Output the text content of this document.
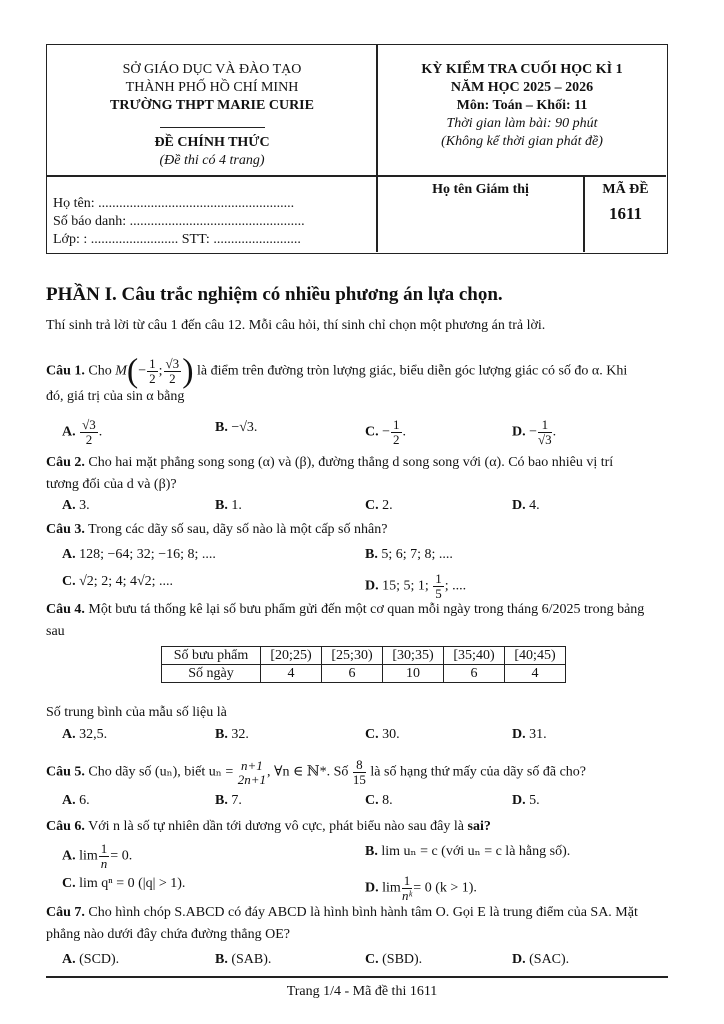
SỞ GIÁO DỤC VÀ ĐÀO TẠO
THÀNH PHỐ HỒ CHÍ MINH
TRƯỜNG THPT MARIE CURIE
ĐỀ CHÍNH THỨC
(Đề thi có 4 trang)
KỲ KIỂM TRA CUỐI HỌC KÌ 1
NĂM HỌC 2025 – 2026
Môn: Toán – Khối: 11
Thời gian làm bài: 90 phút
(Không kể thời gian phát đề)
Họ tên: ........................................................
Số báo danh: ..................................................
Lớp: : ......................... STT: .........................
Họ tên Giám thị	MÃ ĐỀ
1611
PHẦN I. Câu trắc nghiệm có nhiều phương án lựa chọn.
Thí sinh trả lời từ câu 1 đến câu 12. Mỗi câu hỏi, thí sinh chỉ chọn một phương án trả lời.
Câu 1. Cho $M(- \frac{1}{2}$ ; $\frac{√3}{2}$ ) là điểm trên đường tròn lượng giác, biểu diễn góc lượng giác có số đo α. Khi
đó, giá trị của sin α bằng
A. $\frac{√3}{2}$ .	B. −√3.	C. − $\frac{1}{2}$ .	D. − $\frac{1}{√3}$ .
Câu 2. Cho hai mặt phẳng song song (α) và (β), đường thẳng d song song với (α). Có bao nhiêu vị trí
tương đối của d và (β)?
A. 3.	B. 1.	C. 2.	D. 4.
Câu 3. Trong các dãy số sau, dãy số nào là một cấp số nhân?
A. 128; −64; 32; −16; 8; ....	B. 5; 6; 7; 8; ....
C. √2; 2; 4; 4√2; ....	D. 15; 5; 1; $\frac{1}{5}$ ; ....
Câu 4. Một bưu tá thống kê lại số bưu phẩm gửi đến một cơ quan mỗi ngày trong tháng 6/2025 trong bảng
sau
Số bưu phẩm	[20;25)	[25;30)	[30;35)	[35;40)	[40;45)
Số ngày	4	6	10	6	4
Số trung bình của mẫu số liệu là
A. 32,5.	B. 32.	C. 30.	D. 31.
Câu 5. Cho dãy số (uₙ), biết uₙ = n+1
2n+1 , ∀n ∈ ℕ*. Số $\frac{8}{15}$ là số hạng thứ mấy của dãy số đã cho?
A. 6.	B. 7.	C. 8.	D. 5.
Câu 6. Với n là số tự nhiên dần tới dương vô cực, phát biểu nào sau đây là sai?
A. $\lim \frac{1}{n} = 0$.	B. lim uₙ = c (với uₙ = c là hằng số).
C. lim qⁿ = 0 (|q| > 1).	D. $\lim \frac{1}{\text{nᵏ}} = 0$ (k > 1).
Câu 7. Cho hình chóp S.ABCD có đáy ABCD là hình bình hành tâm O. Gọi E là trung điểm của SA. Mặt
phẳng nào dưới đây chứa đường thẳng OE?
A. (SCD).	B. (SAB).	C. (SBD).	D. (SAC).
Trang 1/4 - Mã đề thi 1611
